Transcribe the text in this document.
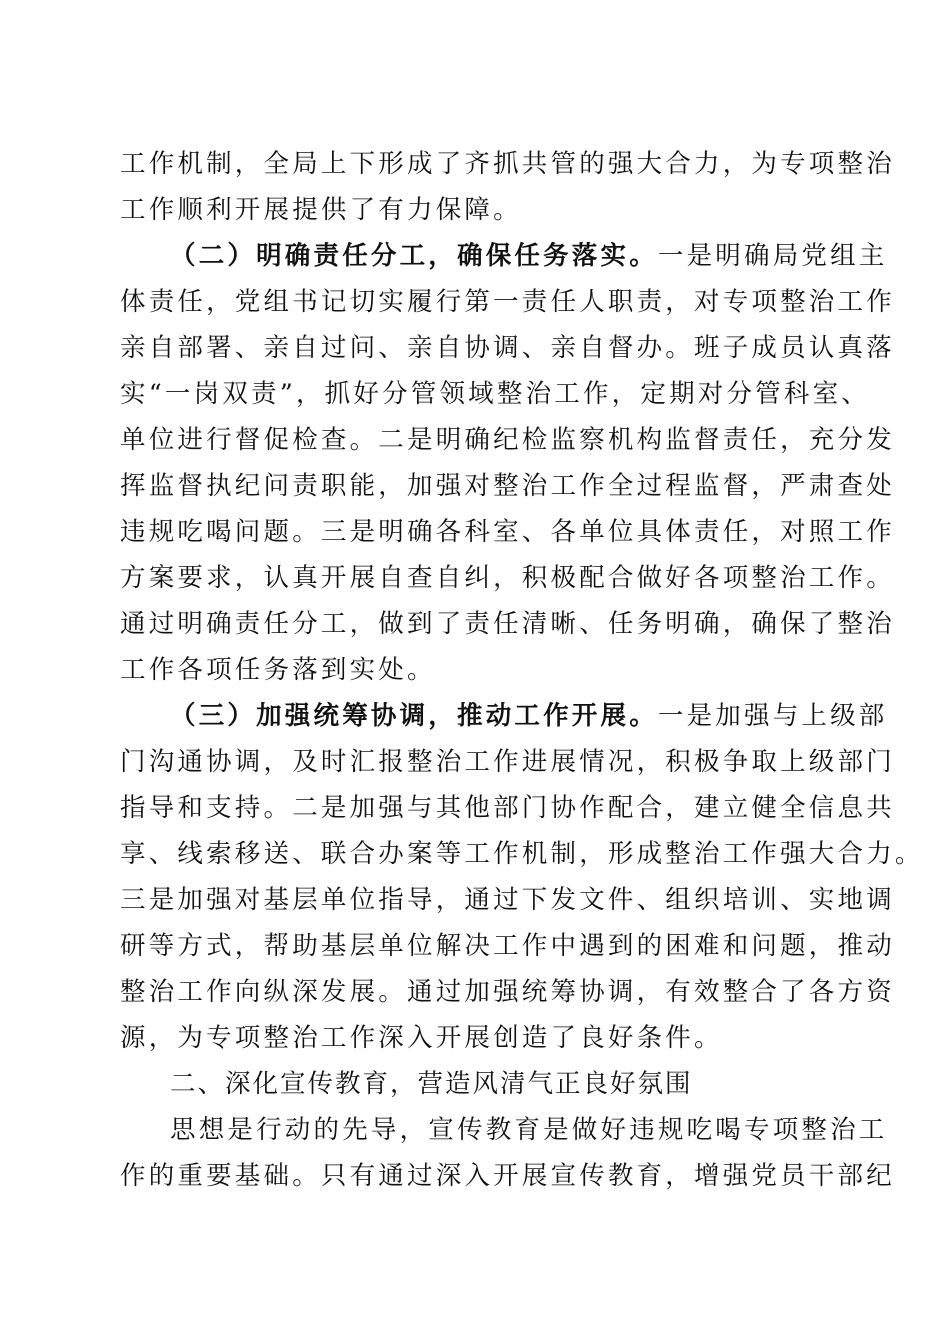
工作机制，全局上下形成了齐抓共管的强大合力，为专项整治
工作顺利开展提供了有力保障。
（二）明确责任分工，确保任务落实。一是明确局党组主
体责任，党组书记切实履行第一责任人职责，对专项整治工作
亲自部署、亲自过问、亲自协调、亲自督办。班子成员认真落
实“一岗双责”，抓好分管领域整治工作，定期对分管科室、
单位进行督促检查。二是明确纪检监察机构监督责任，充分发
挥监督执纪问责职能，加强对整治工作全过程监督，严肃查处
违规吃喝问题。三是明确各科室、各单位具体责任，对照工作
方案要求，认真开展自查自纠，积极配合做好各项整治工作。
通过明确责任分工，做到了责任清晰、任务明确，确保了整治
工作各项任务落到实处。
（三）加强统筹协调，推动工作开展。一是加强与上级部
门沟通协调，及时汇报整治工作进展情况，积极争取上级部门
指导和支持。二是加强与其他部门协作配合，建立健全信息共
享、线索移送、联合办案等工作机制，形成整治工作强大合力。
三是加强对基层单位指导，通过下发文件、组织培训、实地调
研等方式，帮助基层单位解决工作中遇到的困难和问题，推动
整治工作向纵深发展。通过加强统筹协调，有效整合了各方资
源，为专项整治工作深入开展创造了良好条件。
二、深化宣传教育，营造风清气正良好氛围
思想是行动的先导，宣传教育是做好违规吃喝专项整治工
作的重要基础。只有通过深入开展宣传教育，增强党员干部纪
